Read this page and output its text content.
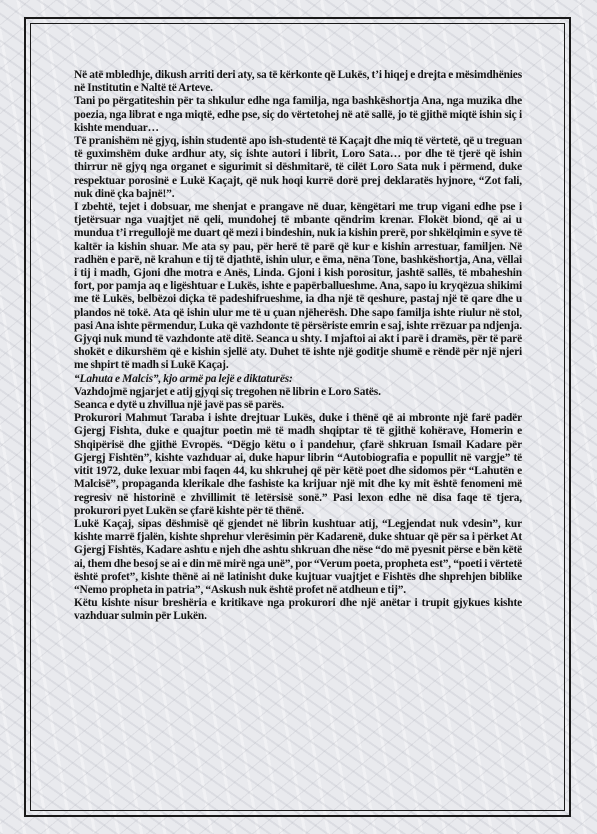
Në atë mbledhje, dikush arriti deri aty, sa të kërkonte që Lukës, t’i hiqej e drejta e mësimdhënies në Institutin e Naltë të Arteve.

Tani po përgatiteshin për ta shkulur edhe nga familja, nga bashkëshortja Ana, nga muzika dhe poezia, nga librat e nga miqtë, edhe pse, siç do vërtetohej në atë sallë, jo të gjithë miqtë ishin siç i kishte menduar…

Të pranishëm në gjyq, ishin studentë apo ish-studentë të Kaçajt dhe miq të vërtetë, që u treguan të guximshëm duke ardhur aty, siç ishte autori i librit, Loro Sata… por dhe të tjerë që ishin thirrur në gjyq nga organet e sigurimit si dëshmitarë, të cilët Loro Sata nuk i përmend, duke respektuar porosinë e Lukë Kaçajt, që nuk hoqi kurrë dorë prej deklaratës hyjnore, “Zot fali, nuk dinë çka bajnë!”.

I zbehtë, tejet i dobsuar, me shenjat e prangave në duar, këngëtari me trup vigani edhe pse i tjetërsuar nga vuajtjet në qeli, mundohej të mbante qëndrim krenar. Flokët biond, që ai u mundua t’i rregullojë me duart që mezi i bindeshin, nuk ia kishin prerë, por shkëlqimin e syve të kaltër ia kishin shuar. Me ata sy pau, për herë të parë që kur e kishin arrestuar, familjen. Në radhën e parë, në krahun e tij të djathtë, ishin ulur, e ëma, nëna Tone, bashkëshortja, Ana, vëllai i tij i madh, Gjoni dhe motra e Anës, Linda. Gjoni i kish porositur, jashtë sallës, të mbaheshin fort, por pamja aq e ligështuar e Lukës, ishte e papërballueshme. Ana, sapo iu kryqëzua shikimi me të Lukës, belbëzoi diçka të padeshifrueshme, ia dha një të qeshure, pastaj një të qare dhe u plandos në tokë. Ata që ishin ulur me të u çuan njëherësh. Dhe sapo familja ishte riulur në stol, pasi Ana ishte përmendur, Luka që vazhdonte të përsëriste emrin e saj, ishte rrëzuar pa ndjenja. Gjyqi nuk mund të vazhdonte atë ditë. Seanca u shty. I mjaftoi ai akt i parë i dramës, për të parë shokët e dikurshëm që e kishin sjellë aty. Duhet të ishte një goditje shumë e rëndë për një njeri me shpirt të madh si Lukë Kaçaj.

“Lahuta e Malcis”, kjo armë pa lejë e diktaturës:

Vazhdojmë ngjarjet e atij gjyqi siç tregohen në librin e Loro Satës.

Seanca e dytë u zhvillua një javë pas së parës.

Prokurori Mahmut Taraba i ishte drejtuar Lukës, duke i thënë që ai mbronte një farë padër Gjergj Fishta, duke e quajtur poetin më të madh shqiptar të të gjithë kohërave, Homerin e Shqipërisë dhe gjithë Evropës. “Dëgjo këtu o i pandehur, çfarë shkruan Ismail Kadare për Gjergj Fishtën”, kishte vazhduar ai, duke hapur librin “Autobiografia e popullit në vargje” të vitit 1972, duke lexuar mbi faqen 44, ku shkruhej që për këtë poet dhe sidomos për “Lahutën e Malcisë”, propaganda klerikale dhe fashiste ka krijuar një mit dhe ky mit është fenomeni më regresiv në historinë e zhvillimit të letërsisë sonë.” Pasi lexon edhe në disa faqe të tjera, prokurori pyet Lukën se çfarë kishte për të thënë.

Lukë Kaçaj, sipas dëshmisë që gjendet në librin kushtuar atij, “Legjendat nuk vdesin”, kur kishte marrë fjalën, kishte shprehur vlerësimin për Kadarenë, duke shtuar që për sa i përket At Gjergj Fishtës, Kadare ashtu e njeh dhe ashtu shkruan dhe nëse “do më pyesnit përse e bën këtë ai, them dhe besoj se ai e din më mirë nga unë”, por “Verum poeta, propheta est”, “poeti i vërtetë është profet”, kishte thënë ai në latinisht duke kujtuar vuajtjet e Fishtës dhe shprehjen biblike “Nemo propheta in patria”, “Askush nuk është profet në atdheun e tij”.

Këtu kishte nisur breshëria e kritikave nga prokurori dhe një anëtar i trupit gjykues kishte vazhduar sulmin për Lukën.
